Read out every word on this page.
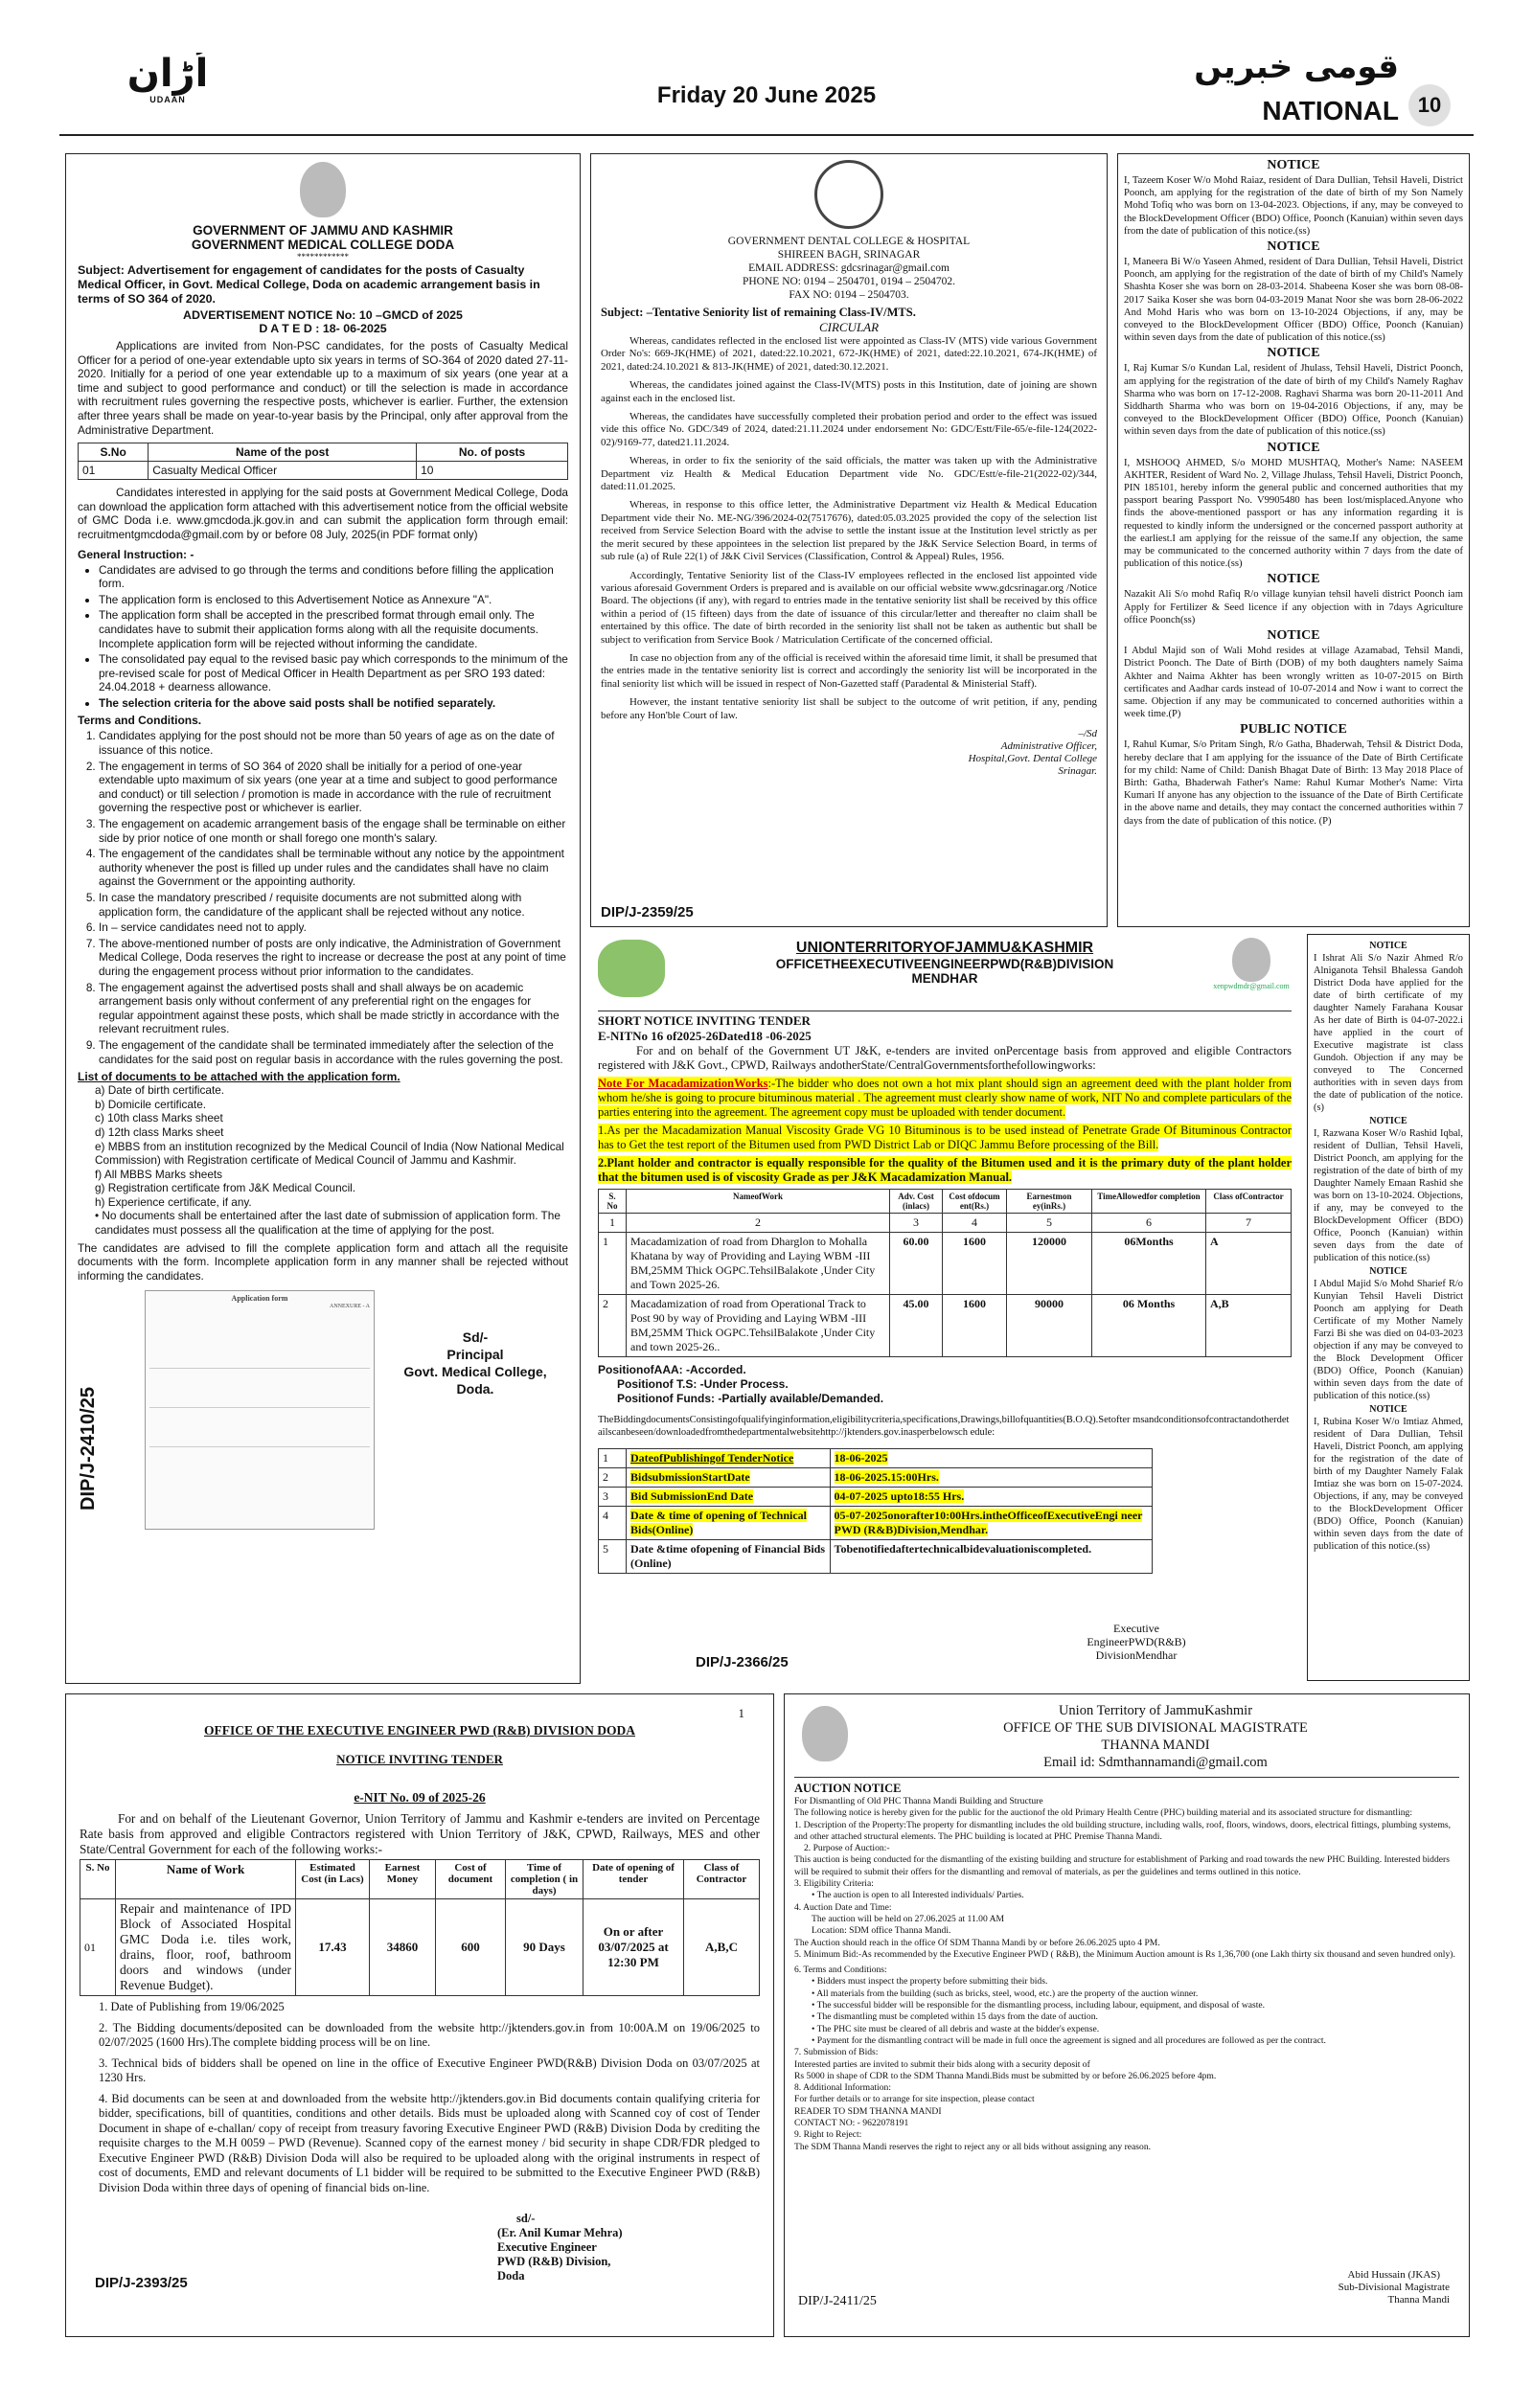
اُڑان
UDAAN	Friday 20 June 2025
قومی خبریں
NATIONAL 10
GOVERNMENT OF JAMMU AND KASHMIR
GOVERNMENT MEDICAL COLLEGE DODA
************
Subject: Advertisement for engagement of candidates for the posts of Casualty Medical Officer, in Govt. Medical College, Doda on academic arrangement basis in terms of SO 364 of 2020.
ADVERTISEMENT NOTICE No: 10 –GMCD of 2025
D A T E D : 18- 06-2025
Applications are invited from Non-PSC candidates, for the posts of Casualty Medical Officer for a period of one-year extendable upto six years in terms of SO-364 of 2020 dated 27-11-2020. Initially for a period of one year extendable up to a maximum of six years (one year at a time and subject to good performance and conduct) or till the selection is made in accordance with recruitment rules governing the respective posts, whichever is earlier. Further, the extension after three years shall be made on year-to-year basis by the Principal, only after approval from the Administrative Department.
S.No	Name of the post	No. of posts
01	Casualty Medical Officer	10
Candidates interested in applying for the said posts at Government Medical College, Doda can download the application form attached with this advertisement notice from the official website of GMC Doda i.e. www.gmcdoda.jk.gov.in and can submit the application form through email: recruitmentgmcdoda@gmail.com by or before 08 July, 2025(in PDF format only)
General Instruction: -
• Candidates are advised to go through the terms and conditions before filling the application form.
• The application form is enclosed to this Advertisement Notice as Annexure "A".
• The application form shall be accepted in the prescribed format through email only. The candidates have to submit their application forms along with all the requisite documents. Incomplete application form will be rejected without informing the candidate.
• The consolidated pay equal to the revised basic pay which corresponds to the minimum of the pre-revised scale for post of Medical Officer in Health Department as per SRO 193 dated: 24.04.2018 + dearness allowance.
• The selection criteria for the above said posts shall be notified separately.
Terms and Conditions.
1. Candidates applying for the post should not be more than 50 years of age as on the date of issuance of this notice.
2. The engagement in terms of SO 364 of 2020 shall be initially for a period of one-year extendable upto maximum of six years (one year at a time and subject to good performance and conduct) or till selection / promotion is made in accordance with the rule of recruitment governing the respective post or whichever is earlier.
3. The engagement on academic arrangement basis of the engage shall be terminable on either side by prior notice of one month or shall forego one month's salary.
4. The engagement of the candidates shall be terminable without any notice by the appointment authority whenever the post is filled up under rules and the candidates shall have no claim against the Government or the appointing authority.
5. In case the mandatory prescribed / requisite documents are not submitted along with application form, the candidature of the applicant shall be rejected without any notice.
6. In – service candidates need not to apply.
7. The above-mentioned number of posts are only indicative, the Administration of Government Medical College, Doda reserves the right to increase or decrease the post at any point of time during the engagement process without prior information to the candidates.
8. The engagement against the advertised posts shall and shall always be on academic arrangement basis only without conferment of any preferential right on the engages for regular appointment against these posts, which shall be made strictly in accordance with the relevant recruitment rules.
9. The engagement of the candidate shall be terminated immediately after the selection of the candidates for the said post on regular basis in accordance with the rules governing the post.
List of documents to be attached with the application form.
a) Date of birth certificate.
b) Domicile certificate.
c) 10th class Marks sheet
d) 12th class Marks sheet
e) MBBS from an institution recognized by the Medical Council of India (Now National Medical Commission) with Registration certificate of Medical Council of Jammu and Kashmir.
f) All MBBS Marks sheets
g) Registration certificate from J&K Medical Council.
h) Experience certificate, if any.
• No documents shall be entertained after the last date of submission of application form. The candidates must possess all the qualification at the time of applying for the post.
The candidates are advised to fill the complete application form and attach all the requisite documents with the form. Incomplete application form in any manner shall be rejected without informing the candidates.
DIP/J-2410/25
Application form
ANNEXURE - A
Sd/-
Principal
Govt. Medical College,
Doda.
GOVERNMENT DENTAL COLLEGE & HOSPITAL
SHIREEN BAGH, SRINAGAR
EMAIL ADDRESS: gdcsrinagar@gmail.com
PHONE NO: 0194 – 2504701, 0194 – 2504702.
FAX NO: 0194 – 2504703.
Subject: –Tentative Seniority list of remaining Class-IV/MTS.
CIRCULAR

Whereas, candidates reflected in the enclosed list were appointed as Class-IV (MTS) vide various Government Order No's: 669-JK(HME) of 2021, dated:22.10.2021, 672-JK(HME) of 2021, dated:22.10.2021, 674-JK(HME) of 2021, dated:24.10.2021 & 813-JK(HME) of 2021, dated:30.12.2021.

Whereas, the candidates joined against the Class-IV(MTS) posts in this Institution, date of joining are shown against each in the enclosed list.

Whereas, the candidates have successfully completed their probation period and order to the effect was issued vide this office No. GDC/349 of 2024, dated:21.11.2024 under endorsement No: GDC/Estt/File-65/e-file-124(2022-02)/9169-77, dated21.11.2024.

Whereas, in order to fix the seniority of the said officials, the matter was taken up with the Administrative Department viz Health & Medical Education Department vide No. GDC/Estt/e-file-21(2022-02)/344, dated:11.01.2025.

Whereas, in response to this office letter, the Administrative Department viz Health & Medical Education Department vide their No. ME-NG/396/2024-02(7517676), dated:05.03.2025 provided the copy of the selection list received from Service Selection Board with the advise to settle the instant issue at the Institution level strictly as per the merit secured by these appointees in the selection list prepared by the J&K Service Selection Board, in terms of sub rule (a) of Rule 22(1) of J&K Civil Services (Classification, Control & Appeal) Rules, 1956.

Accordingly, Tentative Seniority list of the Class-IV employees reflected in the enclosed list appointed vide various aforesaid Government Orders is prepared and is available on our official website www.gdcsrinagar.org /Notice Board. The objections (if any), with regard to entries made in the tentative seniority list shall be received by this office within a period of (15 fifteen) days from the date of issuance of this circular/letter and thereafter no claim shall be entertained by this office. The date of birth recorded in the seniority list shall not be taken as authentic but shall be subject to verification from Service Book / Matriculation Certificate of the concerned official.

In case no objection from any of the official is received within the aforesaid time limit, it shall be presumed that the entries made in the tentative seniority list is correct and accordingly the seniority list will be incorporated in the final seniority list which will be issued in respect of Non-Gazetted staff (Paradental & Ministerial Staff).

However, the instant tentative seniority list shall be subject to the outcome of writ petition, if any, pending before any Hon'ble Court of law.

–/Sd
Administrative Officer,
Hospital,Govt. Dental College
Srinagar.
DIP/J-2359/25
NOTICE

I, Tazeem Koser W/o Mohd Raiaz, resident of Dara Dullian, Tehsil Haveli, District Poonch, am applying for the registration of the date of birth of my Son Namely Mohd Tofiq who was born on 13-04-2023. Objections, if any, may be conveyed to the BlockDevelopment Officer (BDO) Office, Poonch (Kanuian) within seven days from the date of publication of this notice.(ss)

NOTICE

I, Maneera Bi W/o Yaseen Ahmed, resident of Dara Dullian, Tehsil Haveli, District Poonch, am applying for the registration of the date of birth of my Child's Namely Shashta Koser she was born on 28-03-2014. Shabeena Koser she was born 08-08-2017 Saika Koser she was born 04-03-2019 Manat Noor she was born 28-06-2022 And Mohd Haris who was born on 13-10-2024 Objections, if any, may be conveyed to the BlockDevelopment Officer (BDO) Office, Poonch (Kanuian) within seven days from the date of publication of this notice.(ss)

NOTICE

I, Raj Kumar S/o Kundan Lal, resident of Jhulass, Tehsil Haveli, District Poonch, am applying for the registration of the date of birth of my Child's Namely Raghav Sharma who was born on 17-12-2008. Raghavi Sharma was born 20-11-2011 And Siddharth Sharma who was born on 19-04-2016 Objections, if any, may be conveyed to the BlockDevelopment Officer (BDO) Office, Poonch (Kanuian) within seven days from the date of publication of this notice.(ss)

NOTICE

I, MSHOOQ AHMED, S/o MOHD MUSHTAQ, Mother's Name: NASEEM AKHTER, Resident of Ward No. 2, Village Jhulass, Tehsil Haveli, District Poonch, PIN 185101, hereby inform the general public and concerned authorities that my passport bearing Passport No. V9905480 has been lost/misplaced.Anyone who finds the above-mentioned passport or has any information regarding it is requested to kindly inform the undersigned or the concerned passport authority at the earliest.I am applying for the reissue of the same.If any objection, the same may be communicated to the concerned authority within 7 days from the date of publication of this notice.(ss)

NOTICE

Nazakit Ali S/o mohd Rafiq R/o village kunyian tehsil haveli district Poonch iam Apply for Fertilizer & Seed licence if any objection with in 7days Agriculture office Poonch(ss)

NOTICE

I Abdul Majid son of Wali Mohd resides at village Azamabad, Tehsil Mandi, District Poonch. The Date of Birth (DOB) of my both daughters namely Saima Akhter and Naima Akhter has been wrongly written as 10-07-2015 on Birth certificates and Aadhar cards instead of 10-07-2014 and Now i want to correct the same. Objection if any may be communicated to concerned authorities within a week time.(P)

PUBLIC NOTICE

I, Rahul Kumar, S/o Pritam Singh, R/o Gatha, Bhaderwah, Tehsil & District Doda, hereby declare that I am applying for the issuance of the Date of Birth Certificate for my child: Name of Child: Danish Bhagat Date of Birth: 13 May 2018 Place of Birth: Gatha, Bhaderwah Father's Name: Rahul Kumar Mother's Name: Virta Kumari If anyone has any objection to the issuance of the Date of Birth Certificate in the above name and details, they may contact the concerned authorities within 7 days from the date of publication of this notice. (P)

xenpwdmdr@gmail.com
UNIONTERRITORYOFJAMMU&KASHMIR
OFFICETHEEXECUTIVEENGINEERPWD(R&B)DIVISION
MENDHAR
SHORT NOTICE INVITING TENDER
E-NITNo 16 of2025-26Dated18 -06-2025
For and on behalf of the Government UT J&K, e-tenders are invited onPercentage basis from approved and eligible Contractors registered with J&K Govt., CPWD, Railways andotherState/CentralGovernmentsforthefollowingworks:
Note For MacadamizationWorks:-The bidder who does not own a hot mix plant should sign an agreement deed with the plant holder from whom he/she is going to procure bituminous material . The agreement must clearly show name of work, NIT No and complete particulars of the parties entering into the agreement. The agreement copy must be uploaded with tender document.
1.As per the Macadamization Manual Viscosity Grade VG 10 Bituminous is to be used instead of Penetrate Grade Of Bituminous Contractor has to Get the test report of the Bitumen used from PWD District Lab or DIQC Jammu Before processing of the Bill.
2.Plant holder and contractor is equally responsible for the quality of the Bitumen used and it is the primary duty of the plant holder that the bitumen used is of viscosity Grade as per J&K Macadamization Manual.
S. No	NameofWork	Adv. Cost (inlacs)	Cost ofdocum ent(Rs.)	Earnestmon ey(inRs.)	TimeAllowedfor completion	Class ofContractor
1	2	3	4	5	6	7
1	Macadamization of road from Dharglon to Mohalla Khatana by way of Providing and Laying WBM -III BM,25MM Thick OGPC.TehsilBalakote ,Under City and Town 2025-26.	60.00	1600	120000	06Months	A
2	Macadamization of road from Operational Track to Post 90 by way of Providing and Laying WBM -III BM,25MM Thick OGPC.TehsilBalakote ,Under City and town 2025-26..	45.00	1600	90000	06 Months	A,B
PositionofAAA: -Accorded.
Positionof T.S: -Under Process.
Positionof Funds: -Partially available/Demanded.
TheBiddingdocumentsConsistingofqualifyinginformation,eligibilitycriteria,specifications,Drawings,billofquantities(B.O.Q).Setofter msandconditionsofcontractandotherdetailscanbeseen/downloadedfromthedepartmentalwebsitehttp://jktenders.gov.inasperbelowsch edule:
1	DateofPublishingof TenderNotice	18-06-2025
2	BidsubmissionStartDate	18-06-2025.15:00Hrs.
3	Bid SubmissionEnd Date	04-07-2025 upto18:55 Hrs.
4	Date & time of opening of Technical Bids(Online)	05-07-2025onorafter10:00Hrs.intheOfficeofExecutiveEngi neerPWD (R&B)Division,Mendhar.
5	Date &time ofopening of Financial Bids (Online)	Tobenotifiedaftertechnicalbidevaluationiscompleted.
Executive
EngineerPWD(R&B)
DivisionMendhar
DIP/J-2366/25
NOTICE

I Ishrat Ali S/o Nazir Ahmed R/o Alniganota Tehsil Bhalessa Gandoh District Doda have applied for the date of birth certificate of my daughter Namely Farahana Kousar As her date of Birth is 04-07-2022.i have applied in the court of Executive magistrate ist class Gundoh. Objection if any may be conveyed to The Concerned authorities with in seven days from the date of publication of the notice.(s)

NOTICE

I, Razwana Koser W/o Rashid Iqbal, resident of Dullian, Tehsil Haveli, District Poonch, am applying for the registration of the date of birth of my Daughter Namely Emaan Rashid she was born on 13-10-2024. Objections, if any, may be conveyed to the BlockDevelopment Officer (BDO) Office, Poonch (Kanuian) within seven days from the date of publication of this notice.(ss)

NOTICE

I Abdul Majid S/o Mohd Sharief R/o Kunyian Tehsil Haveli District Poonch am applying for Death Certificate of my Mother Namely Farzi Bi she was died on 04-03-2023 objection if any may be conveyed to the Block Development Officer (BDO) Office, Poonch (Kanuian) within seven days from the date of publication of this notice.(ss)

NOTICE

I, Rubina Koser W/o Imtiaz Ahmed, resident of Dara Dullian, Tehsil Haveli, District Poonch, am applying for the registration of the date of birth of my Daughter Namely Falak Imtiaz she was born on 15-07-2024. Objections, if any, may be conveyed to the BlockDevelopment Officer (BDO) Office, Poonch (Kanuian) within seven days from the date of publication of this notice.(ss)

1
OFFICE OF THE EXECUTIVE ENGINEER PWD (R&B) DIVISION DODA
NOTICE INVITING TENDER
e-NIT No. 09 of 2025-26
For and on behalf of the Lieutenant Governor, Union Territory of Jammu and Kashmir e-tenders are invited on Percentage Rate basis from approved and eligible Contractors registered with Union Territory of J&K, CPWD, Railways, MES and other State/Central Government for each of the following works:-
S. No	Name of Work	Estimated Cost (in Lacs)	Earnest Money	Cost of document	Time of completion ( in days)	Date of opening of tender	Class of Contractor
01	Repair and maintenance of IPD Block of Associated Hospital GMC Doda i.e. tiles work, drains, floor, roof, bathroom doors and windows (under Revenue Budget).	17.43	34860	600	90 Days	On or after 03/07/2025 at 12:30 PM	A,B,C

1. Date of Publishing from 19/06/2025

2. The Bidding documents/deposited can be downloaded from the website http://jktenders.gov.in from 10:00A.M on 19/06/2025 to 02/07/2025 (1600 Hrs).The complete bidding process will be on line.

3. Technical bids of bidders shall be opened on line in the office of Executive Engineer PWD(R&B) Division Doda on 03/07/2025 at 1230 Hrs.

4. Bid documents can be seen at and downloaded from the website http://jktenders.gov.in Bid documents contain qualifying criteria for bidder, specifications, bill of quantities, conditions and other details. Bids must be uploaded along with Scanned coy of cost of Tender Document in shape of e-challan/ copy of receipt from treasury favoring Executive Engineer PWD (R&B) Division Doda by crediting the requisite charges to the M.H 0059 – PWD (Revenue). Scanned copy of the earnest money / bid security in shape CDR/FDR pledged to Executive Engineer PWD (R&B) Division Doda will also be required to be uploaded along with the original instruments in respect of cost of documents, EMD and relevant documents of L1 bidder will be required to be submitted to the Executive Engineer PWD (R&B) Division Doda within three days of opening of financial bids on-line.

sd/-
(Er. Anil Kumar Mehra)
Executive Engineer
PWD (R&B) Division,
Doda
DIP/J-2393/25
Union Territory of JammuKashmir
OFFICE OF THE SUB DIVISIONAL MAGISTRATE
THANNA MANDI
Email id: Sdmthannamandi@gmail.com
AUCTION NOTICE
For Dismantling of Old PHC Thanna Mandi Building and Structure
The following notice is hereby given for the public for the auctionof the old Primary Health Centre (PHC) building material and its associated structure for dismantling:
1. Description of the Property:The property for dismantling includes the old building structure, including walls, roof, floors, windows, doors, electrical fittings, plumbing systems, and other attached structural elements. The PHC building is located at PHC Premise Thanna Mandi.
2. Purpose of Auction:-
This auction is being conducted for the dismantling of the existing building and structure for establishment of Parking and road towards the new PHC Building. Interested bidders will be required to submit their offers for the dismantling and removal of materials, as per the guidelines and terms outlined in this notice.
3. Eligibility Criteria:
• The auction is open to all Interested individuals/ Parties.
4. Auction Date and Time:
The auction will be held on 27.06.2025 at 11.00 AM
Location: SDM office Thanna Mandi.
The Auction should reach in the office Of SDM Thanna Mandi by or before 26.06.2025 upto 4 PM.
5. Minimum Bid:-As recommended by the Executive Engineer PWD ( R&B), the Minimum Auction amount is Rs 1,36,700 (one Lakh thirty six thousand and seven hundred only).
6. Terms and Conditions:
• Bidders must inspect the property before submitting their bids.
• All materials from the building (such as bricks, steel, wood, etc.) are the property of the auction winner.
• The successful bidder will be responsible for the dismantling process, including labour, equipment, and disposal of waste.
• The dismantling must be completed within 15 days from the date of auction.
• The PHC site must be cleared of all debris and waste at the bidder's expense.
• Payment for the dismantling contract will be made in full once the agreement is signed and all procedures are followed as per the contract.
7. Submission of Bids:
Interested parties are invited to submit their bids along with a security deposit of
Rs 5000 in shape of CDR to the SDM Thanna Mandi.Bids must be submitted by or before 26.06.2025 before 4pm.
8. Additional Information:
For further details or to arrange for site inspection, please contact
READER TO SDM THANNA MANDI
CONTACT NO: - 9622078191
9. Right to Reject:
The SDM Thanna Mandi reserves the right to reject any or all bids without assigning any reason.
Abid Hussain (JKAS)
Sub-Divisional Magistrate
Thanna Mandi
DIP/J-2411/25
